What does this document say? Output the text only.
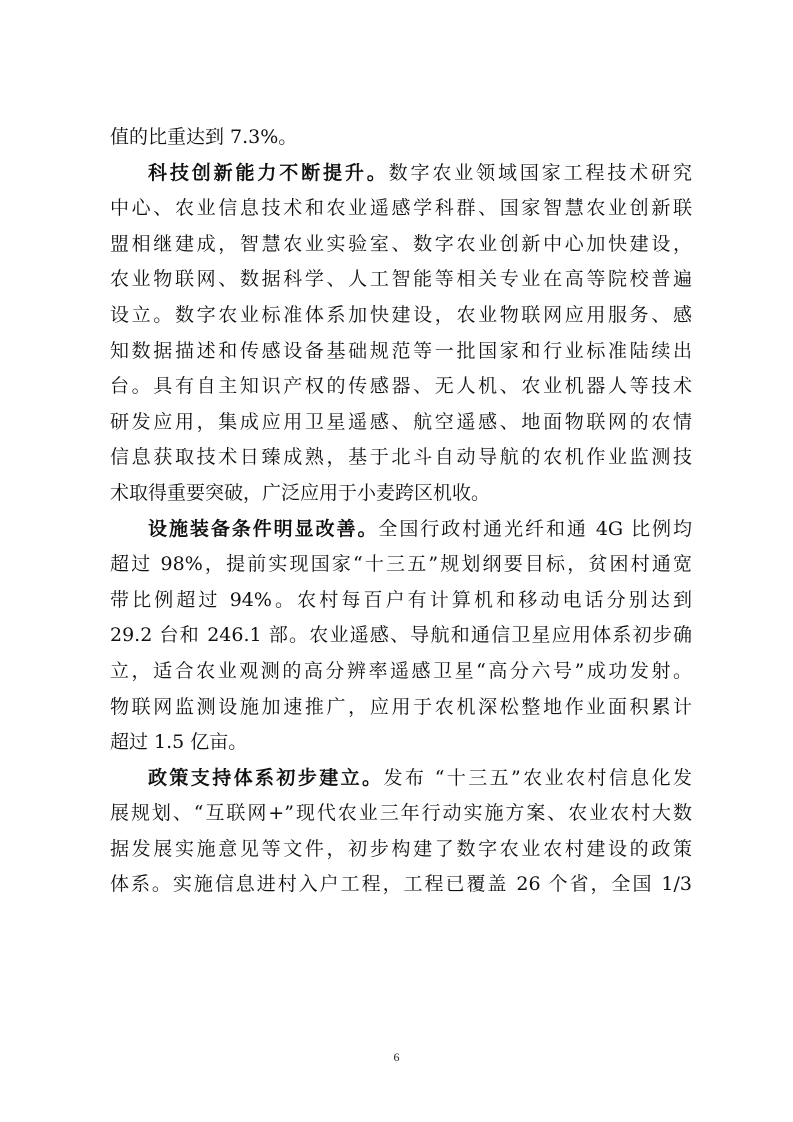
值的比重达到 7.3%。
科技创新能力不断提升。数字农业领域国家工程技术研究
中心、农业信息技术和农业遥感学科群、国家智慧农业创新联
盟相继建成，智慧农业实验室、数字农业创新中心加快建设，
农业物联网、数据科学、人工智能等相关专业在高等院校普遍
设立。数字农业标准体系加快建设，农业物联网应用服务、感
知数据描述和传感设备基础规范等一批国家和行业标准陆续出
台。具有自主知识产权的传感器、无人机、农业机器人等技术
研发应用，集成应用卫星遥感、航空遥感、地面物联网的农情
信息获取技术日臻成熟，基于北斗自动导航的农机作业监测技
术取得重要突破，广泛应用于小麦跨区机收。
设施装备条件明显改善。全国行政村通光纤和通 4G 比例均
超过 98%，提前实现国家“十三五”规划纲要目标，贫困村通宽
带比例超过 94%。农村每百户有计算机和移动电话分别达到
29.2 台和 246.1 部。农业遥感、导航和通信卫星应用体系初步确
立，适合农业观测的高分辨率遥感卫星“高分六号”成功发射。
物联网监测设施加速推广，应用于农机深松整地作业面积累计
超过 1.5 亿亩。
政策支持体系初步建立。发布 “十三五”农业农村信息化发
展规划、“互联网+”现代农业三年行动实施方案、农业农村大数
据发展实施意见等文件，初步构建了数字农业农村建设的政策
体系。实施信息进村入户工程，工程已覆盖 26 个省，全国 1/3
6
